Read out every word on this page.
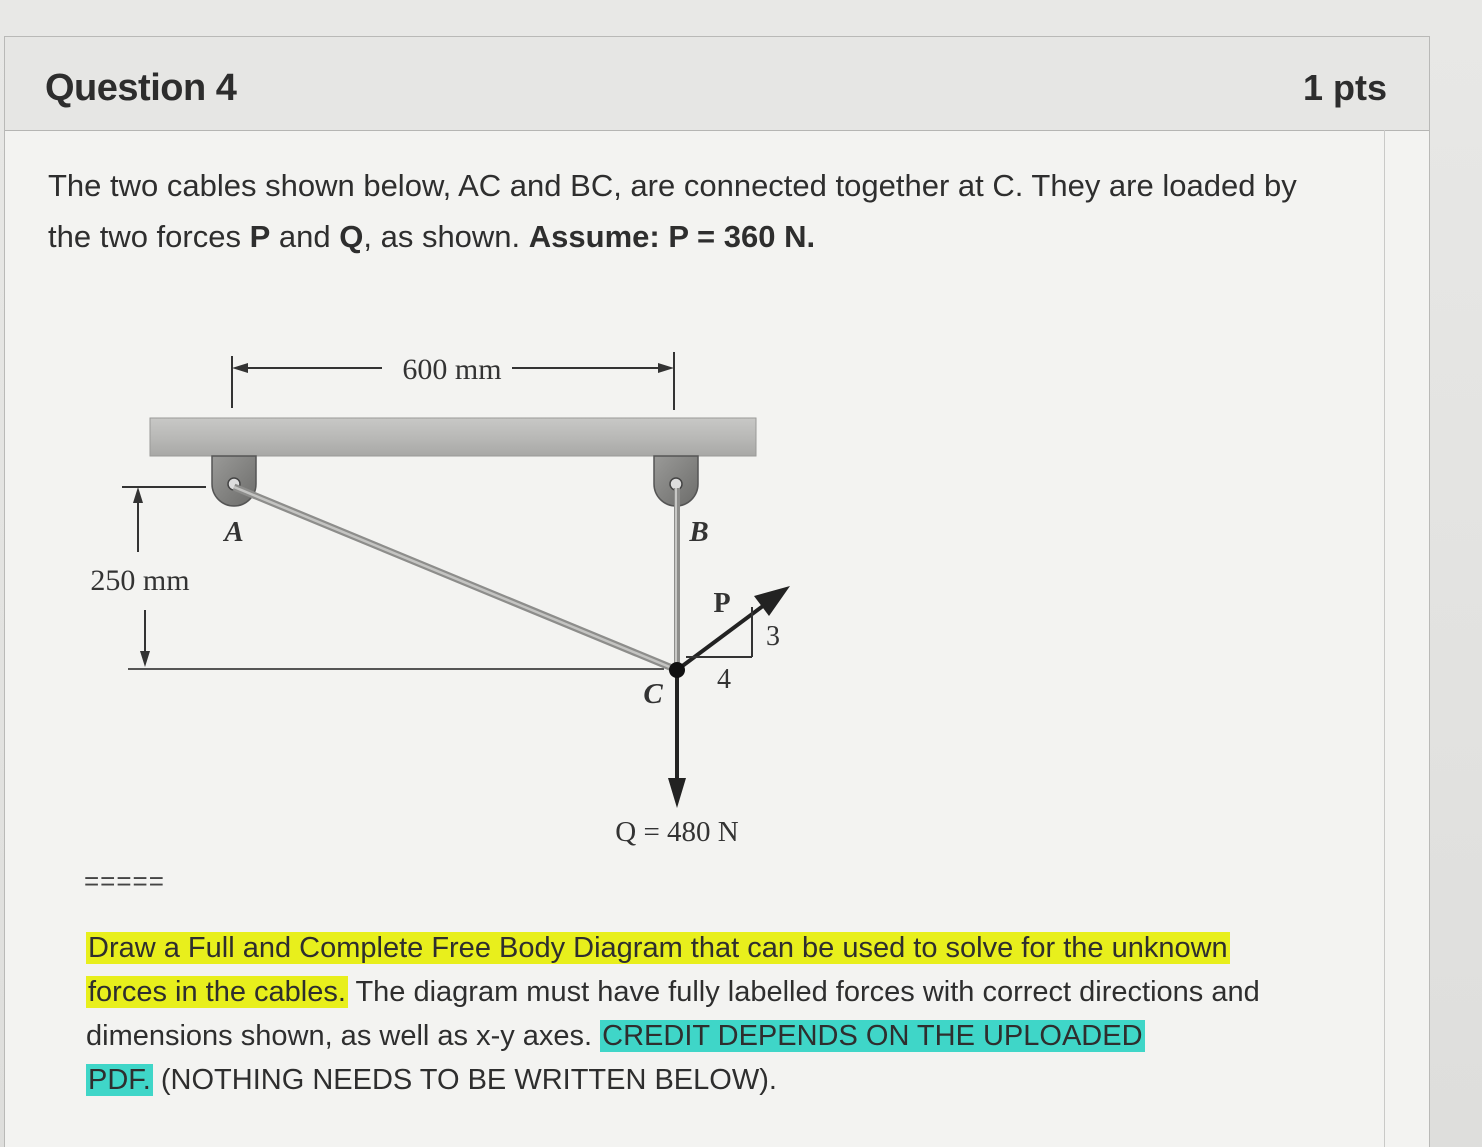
Question 4	1 pts
The two cables shown below, AC and BC, are connected together at C. They are loaded by
the two forces P and Q, as shown. Assume: P = 360 N.
600 mm
250 mm
P
3
4
Q = 480 N
A	B
C
=====
Draw a Full and Complete Free Body Diagram that can be used to solve for the unknown
forces in the cables. The diagram must have fully labelled forces with correct directions and
dimensions shown, as well as x-y axes. CREDIT DEPENDS ON THE UPLOADED
PDF. (NOTHING NEEDS TO BE WRITTEN BELOW).
